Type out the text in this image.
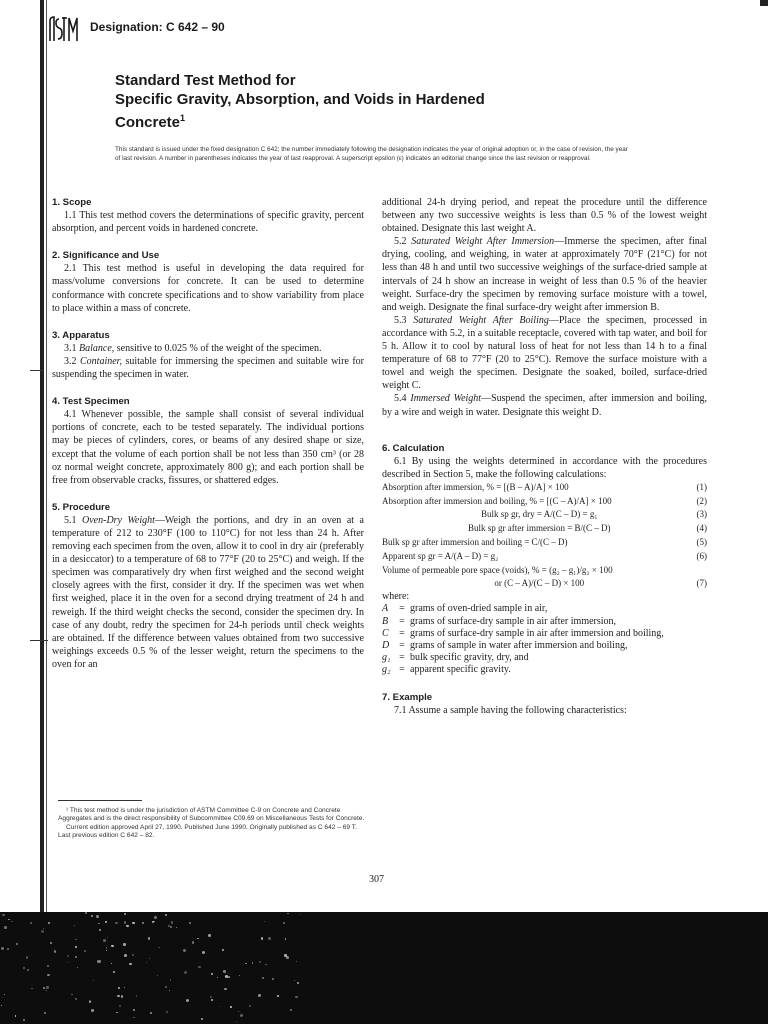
Designation: C 642 – 90
Standard Test Method for
Specific Gravity, Absorption, and Voids in Hardened
Concrete$^1$
This standard is issued under the fixed designation C 642; the number immediately following the designation indicates the year of original adoption or, in the case of revision, the year of last revision. A number in parentheses indicates the year of last reapproval. A superscript epsilon (ε) indicates an editorial change since the last revision or reapproval.

1. Scope

1.1 This test method covers the determinations of specific gravity, percent absorption, and percent voids in hardened concrete.

2. Significance and Use

2.1 This test method is useful in developing the data required for mass/volume conversions for concrete. It can be used to determine conformance with concrete specifications and to show variability from place to place within a mass of concrete.

3. Apparatus

3.1 Balance, sensitive to 0.025 % of the weight of the specimen.

3.2 Container, suitable for immersing the specimen and suitable wire for suspending the specimen in water.

4. Test Specimen

4.1 Whenever possible, the sample shall consist of several individual portions of concrete, each to be tested separately. The individual portions may be pieces of cylinders, cores, or beams of any desired shape or size, except that the volume of each portion shall be not less than 350 cm³ (or 28 oz normal weight concrete, approximately 800 g); and each portion shall be free from observable cracks, fissures, or shattered edges.

5. Procedure

5.1 Oven-Dry Weight—Weigh the portions, and dry in an oven at a temperature of 212 to 230°F (100 to 110°C) for not less than 24 h. After removing each specimen from the oven, allow it to cool in dry air (preferably in a desiccator) to a temperature of 68 to 77°F (20 to 25°C) and weigh. If the specimen was comparatively dry when first weighed and the second weight closely agrees with the first, consider it dry. If the specimen was wet when first weighed, place it in the oven for a second drying treatment of 24 h and reweigh. If the third weight checks the second, consider the specimen dry. In case of any doubt, redry the specimen for 24-h periods until check weights are obtained. If the difference between values obtained from two successive weighings exceeds 0.5 % of the lesser weight, return the specimens to the oven for an

additional 24-h drying period, and repeat the procedure until the difference between any two successive weights is less than 0.5 % of the lowest weight obtained. Designate this last weight A.

5.2 Saturated Weight After Immersion—Immerse the specimen, after final drying, cooling, and weighing, in water at approximately 70°F (21°C) for not less than 48 h and until two successive weighings of the surface-dried sample at intervals of 24 h show an increase in weight of less than 0.5 % of the heavier weight. Surface-dry the specimen by removing surface moisture with a towel, and weigh. Designate the final surface-dry weight after immersion B.

5.3 Saturated Weight After Boiling—Place the specimen, processed in accordance with 5.2, in a suitable receptacle, covered with tap water, and boil for 5 h. Allow it to cool by natural loss of heat for not less than 14 h to a final temperature of 68 to 77°F (20 to 25°C). Remove the surface moisture with a towel and weigh the specimen. Designate the soaked, boiled, surface-dried weight C.

5.4 Immersed Weight—Suspend the specimen, after immersion and boiling, by a wire and weigh in water. Designate this weight D.

6. Calculation

6.1 By using the weights determined in accordance with the procedures described in Section 5, make the following calculations:

Absorption after immersion, % = [(B – A)/A] × 100	(1)
Absorption after immersion and boiling, % = [(C – A)/A] × 100	(2)
Bulk sp gr, dry = A/(C – D) = g₁	(3)
Bulk sp gr after immersion = B/(C – D)	(4)
Bulk sp gr after immersion and boiling = C/(C – D)	(5)
Apparent sp gr = A/(A – D) = g₂	(6)
Volume of permeable pore space (voids), % = (g₂ – g₁)/g₂ × 100
or (C – A)/(C – D) × 100	(7)
where:
A	= grams of oven-dried sample in air,
B	= grams of surface-dry sample in air after immersion,
C	= grams of surface-dry sample in air after immersion and boiling,
D = grams of sample in water after immersion and boiling,
g₁ = bulk specific gravity, dry, and
g₂ = apparent specific gravity.

7. Example

7.1 Assume a sample having the following characteristics:

¹ This test method is under the jurisdiction of ASTM Committee C-9 on Concrete and Concrete Aggregates and is the direct responsibility of Subcommittee C09.69 on Miscellaneous Tests for Concrete.
Current edition approved April 27, 1990. Published June 1990. Originally published as C 642 – 69 T. Last previous edition C 642 – 82.
307
